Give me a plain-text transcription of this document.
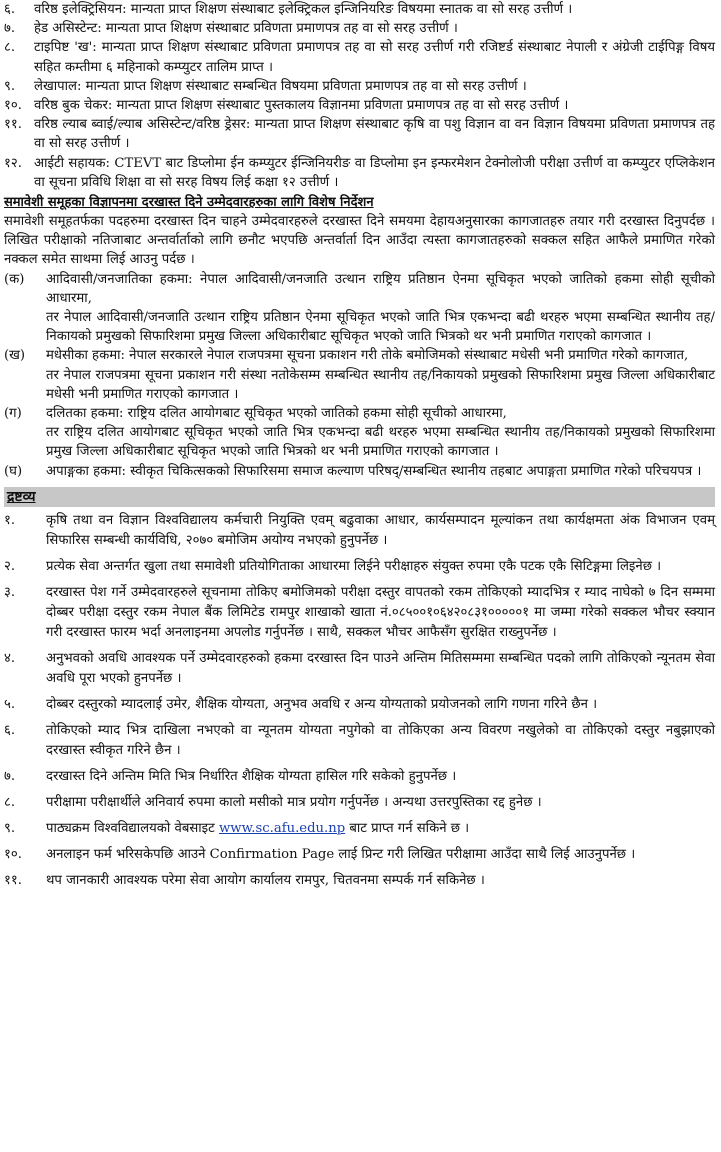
६.	वरिष्ठ इलेक्ट्रिसियन: मान्यता प्राप्त शिक्षण संस्थाबाट इलेक्ट्रिकल इन्जिनियरिङ विषयमा स्नातक वा सो सरह उत्तीर्ण ।
७.	हेड असिस्टेन्ट: मान्यता प्राप्त शिक्षण संस्थाबाट प्रविणता प्रमाणपत्र तह वा सो सरह उत्तीर्ण ।
८.	टाइपिष्ट 'ख': मान्यता प्राप्त शिक्षण संस्थाबाट प्रविणता प्रमाणपत्र तह वा सो सरह उत्तीर्ण गरी रजिष्टर्ड संस्थाबाट नेपाली र अंग्रेजी टाईपिङ्ग विषय सहित कम्तीमा ६ महिनाको कम्प्युटर तालिम प्राप्त ।
९.	लेखापाल: मान्यता प्राप्त शिक्षण संस्थाबाट सम्बन्धित विषयमा प्रविणता प्रमाणपत्र तह वा सो सरह उत्तीर्ण ।
१०. वरिष्ठ बुक चेकर: मान्यता प्राप्त शिक्षण संस्थाबाट पुस्तकालय विज्ञानमा प्रविणता प्रमाणपत्र तह वा सो सरह उत्तीर्ण ।
११. वरिष्ठ ल्याब ब्वाई/ल्याब असिस्टेन्ट/वरिष्ठ ड्रेसर: मान्यता प्राप्त शिक्षण संस्थाबाट कृषि वा पशु विज्ञान वा वन विज्ञान विषयमा प्रविणता प्रमाणपत्र तह वा सो सरह उत्तीर्ण ।
१२. आईटी सहायक: CTEVT बाट डिप्लोमा ईन कम्प्युटर ईन्जिनियरीङ वा डिप्लोमा इन इन्फरमेशन टेक्नोलोजी परीक्षा उत्तीर्ण वा कम्प्युटर एप्लिकेशन वा सूचना प्रविधि शिक्षा वा सो सरह विषय लिई कक्षा १२ उत्तीर्ण ।
समावेशी समूहका विज्ञापनमा दरखास्त दिने उम्मेदवारहरुका लागि विशेष निर्देशन
समावेशी समूहतर्फका पदहरुमा दरखास्त दिन चाहने उम्मेदवारहरुले दरखास्त दिने समयमा देहायअनुसारका कागजातहरु तयार गरी दरखास्त दिनुपर्दछ । लिखित परीक्षाको नतिजाबाट अन्तर्वार्ताको लागि छनौट भएपछि अन्तर्वार्ता दिन आउँदा त्यस्ता कागजातहरुको सक्कल सहित आफैले प्रमाणित गरेको नक्कल समेत साथमा लिई आउनु पर्दछ ।
(क)	आदिवासी/जनजातिका हकमा: नेपाल आदिवासी/जनजाति उत्थान राष्ट्रिय प्रतिष्ठान ऐनमा सूचिकृत भएको जातिको हकमा सोही सूचीको आधारमा,
तर नेपाल आदिवासी/जनजाति उत्थान राष्ट्रिय प्रतिष्ठान ऐनमा सूचिकृत भएको जाति भित्र एकभन्दा बढी थरहरु भएमा सम्बन्धित स्थानीय तह/निकायको प्रमुखको सिफारिशमा प्रमुख जिल्ला अधिकारीबाट सूचिकृत भएको जाति भित्रको थर भनी प्रमाणित गराएको कागजात ।
(ख)	मधेसीका हकमा: नेपाल सरकारले नेपाल राजपत्रमा सूचना प्रकाशन गरी तोके बमोजिमको संस्थाबाट मधेसी भनी प्रमाणित गरेको कागजात,
तर नेपाल राजपत्रमा सूचना प्रकाशन गरी संस्था नतोकेसम्म सम्बन्धित स्थानीय तह/निकायको प्रमुखको सिफारिशमा प्रमुख जिल्ला अधिकारीबाट मधेसी भनी प्रमाणित गराएको कागजात ।
(ग)	दलितका हकमा: राष्ट्रिय दलित आयोगबाट सूचिकृत भएको जातिको हकमा सोही सूचीको आधारमा,
तर राष्ट्रिय दलित आयोगबाट सूचिकृत भएको जाति भित्र एकभन्दा बढी थरहरु भएमा सम्बन्धित स्थानीय तह/निकायको प्रमुखको सिफारिशमा प्रमुख जिल्ला अधिकारीबाट सूचिकृत भएको जाति भित्रको थर भनी प्रमाणित गराएको कागजात ।
(घ)	अपाङ्गका हकमा: स्वीकृत चिकित्सकको सिफारिसमा समाज कल्याण परिषद्/सम्बन्धित स्थानीय तहबाट अपाङ्गता प्रमाणित गरेको परिचयपत्र ।
द्रष्टव्य
१.	कृषि तथा वन विज्ञान विश्वविद्यालय कर्मचारी नियुक्ति एवम् बढुवाका आधार, कार्यसम्पादन मूल्यांकन तथा कार्यक्षमता अंक विभाजन एवम् सिफारिस सम्बन्धी कार्यविधि, २०७० बमोजिम अयोग्य नभएको हुनुपर्नेछ ।
२.	प्रत्येक सेवा अन्तर्गत खुला तथा समावेशी प्रतियोगिताका आधारमा लिईने परीक्षाहरु संयुक्त रुपमा एकै पटक एकै सिटिङ्गमा लिइनेछ ।
३.	दरखास्त पेश गर्ने उम्मेदवारहरुले सूचनामा तोकिए बमोजिमको परीक्षा दस्तुर वापतको रकम तोकिएको म्यादभित्र र म्याद नाघेको ७ दिन सम्ममा दोब्बर परीक्षा दस्तुर रकम नेपाल बैंक लिमिटेड रामपुर शाखाको खाता नं.०८५००१०६४२०८३१०००००१ मा जम्मा गरेको सक्कल भौचर स्क्यान गरी दरखास्त फारम भर्दा अनलाइनमा अपलोड गर्नुपर्नेछ । साथै, सक्कल भौचर आफैसँग सुरक्षित राख्नुपर्नेछ ।
४.	अनुभवको अवधि आवश्यक पर्ने उम्मेदवारहरुको हकमा दरखास्त दिन पाउने अन्तिम मितिसम्ममा सम्बन्धित पदको लागि तोकिएको न्यूनतम सेवा अवधि पूरा भएको हुनपर्नेछ ।
५.	दोब्बर दस्तुरको म्यादलाई उमेर, शैक्षिक योग्यता, अनुभव अवधि र अन्य योग्यताको प्रयोजनको लागि गणना गरिने छैन ।
६.	तोकिएको म्याद भित्र दाखिला नभएको वा न्यूनतम योग्यता नपुगेको वा तोकिएका अन्य विवरण नखुलेको वा तोकिएको दस्तुर नबुझाएको दरखास्त स्वीकृत गरिने छैन ।
७.	दरखास्त दिने अन्तिम मिति भित्र निर्धारित शैक्षिक योग्यता हासिल गरि सकेको हुनुपर्नेछ ।
८.	परीक्षामा परीक्षार्थीले अनिवार्य रुपमा कालो मसीको मात्र प्रयोग गर्नुपर्नेछ । अन्यथा उत्तरपुस्तिका रद्द हुनेछ ।
९.	पाठ्यक्रम विश्वविद्यालयको वेबसाइट www.sc.afu.edu.np बाट प्राप्त गर्न सकिने छ ।
१०.	अनलाइन फर्म भरिसकेपछि आउने Confirmation Page लाई प्रिन्ट गरी लिखित परीक्षामा आउँदा साथै लिई आउनुपर्नेछ ।
११.	थप जानकारी आवश्यक परेमा सेवा आयोग कार्यालय रामपुर, चितवनमा सम्पर्क गर्न सकिनेछ ।
